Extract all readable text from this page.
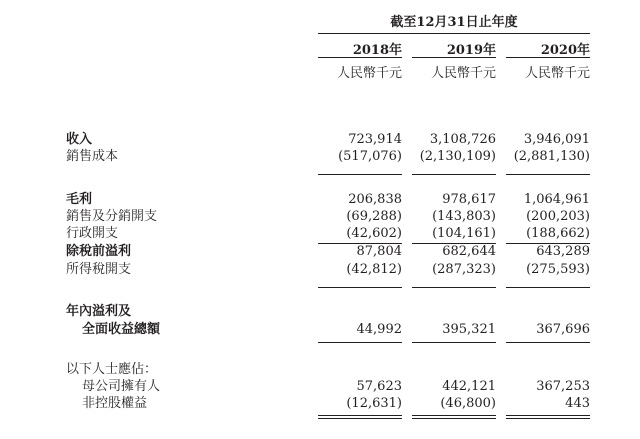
截至12月31日止年度
2018年	2019年	2020年
人民幣千元	人民幣千元	人民幣千元
收入	723,914	3,108,726	3,946,091
銷售成本	(517,076)	(2,130,109)	(2,881,130)
毛利	206,838	978,617	1,064,961
銷售及分銷開支	(69,288)	(143,803)	(200,203)
行政開支	(42,602)	(104,161)	(188,662)
除稅前溢利	87,804	682,644	643,289
所得稅開支	(42,812)	(287,323)	(275,593)
年內溢利及
全面收益總額	44,992	395,321	367,696
以下人士應佔：
母公司擁有人	57,623	442,121	367,253
非控股權益	(12,631)	(46,800)	443
